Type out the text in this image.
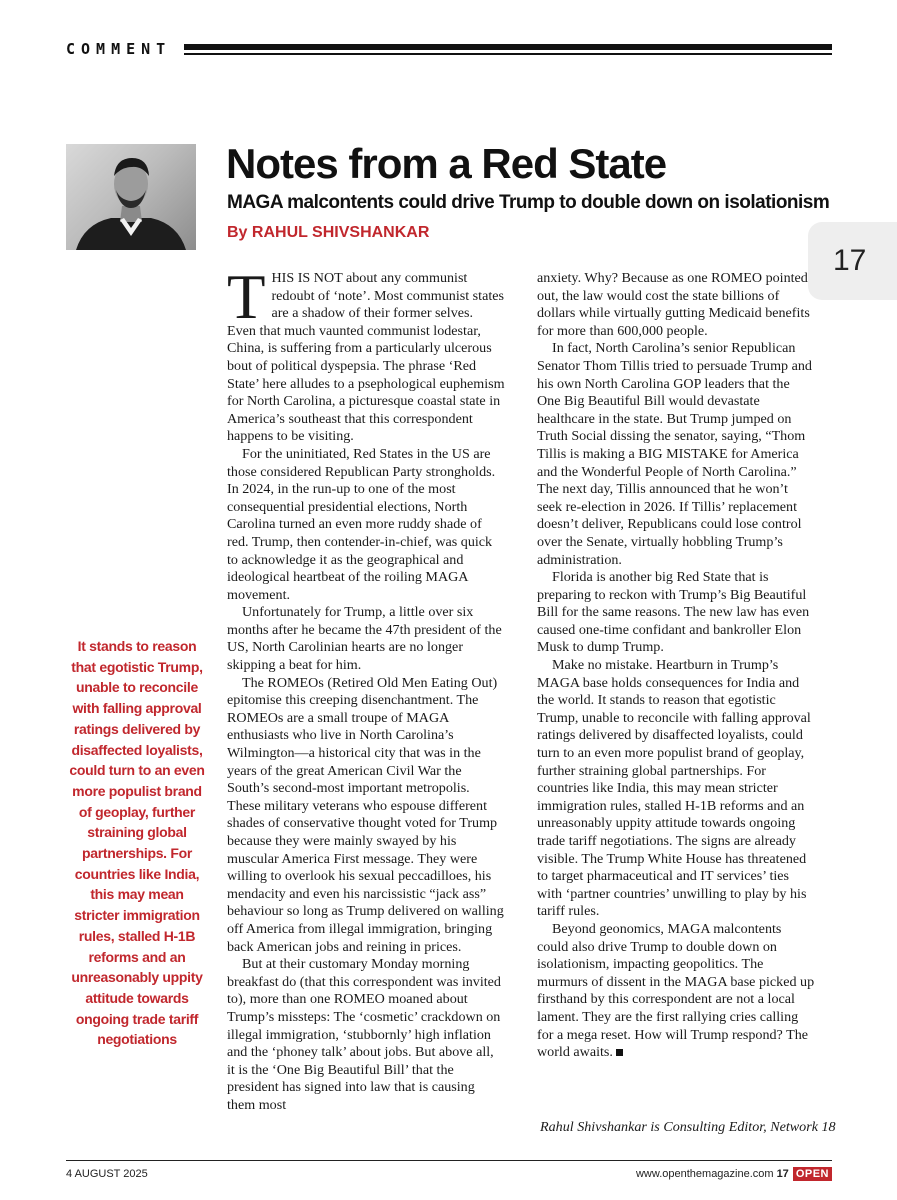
COMMENT
Notes from a Red State
MAGA malcontents could drive Trump to double down on isolationism

By RAHUL SHIVSHANKAR

17

It stands to reason that egotistic Trump, unable to reconcile with falling approval ratings delivered by disaffected loyalists, could turn to an even more populist brand of geoplay, further straining global partnerships. For countries like India, this may mean stricter immigration rules, stalled H-1B reforms and an unreasonably uppity attitude towards ongoing trade tariff negotiations

THIS IS NOT about any communist redoubt of ‘note’. Most communist states are a shadow of their former selves. Even that much vaunted communist lodestar, China, is suffering from a particularly ulcerous bout of political dyspepsia. The phrase ‘Red State’ here alludes to a psephological euphemism for North Carolina, a picturesque coastal state in America’s southeast that this correspondent happens to be visiting.

For the uninitiated, Red States in the US are those considered Republican Party strongholds. In 2024, in the run-up to one of the most consequential presidential elections, North Carolina turned an even more ruddy shade of red. Trump, then contender-in-chief, was quick to acknowledge it as the geographical and ideological heartbeat of the roiling MAGA movement.

Unfortunately for Trump, a little over six months after he became the 47th president of the US, North Carolinian hearts are no longer skipping a beat for him.

The ROMEOs (Retired Old Men Eating Out) epitomise this creeping disenchantment. The ROMEOs are a small troupe of MAGA enthusiasts who live in North Carolina’s Wilmington—a historical city that was in the years of the great American Civil War the South’s second-most important metropolis. These military veterans who espouse different shades of conservative thought voted for Trump because they were mainly swayed by his muscular America First message. They were willing to overlook his sexual peccadilloes, his mendacity and even his narcissistic “jack ass” behaviour so long as Trump delivered on walling off America from illegal immigration, bringing back American jobs and reining in prices.

But at their customary Monday morning breakfast do (that this correspondent was invited to), more than one ROMEO moaned about Trump’s missteps: The ‘cosmetic’ crackdown on illegal immigration, ‘stubbornly’ high inflation and the ‘phoney talk’ about jobs. But above all, it is the ‘One Big Beautiful Bill’ that the president has signed into law that is causing them most

anxiety. Why? Because as one ROMEO pointed out, the law would cost the state billions of dollars while virtually gutting Medicaid benefits for more than 600,000 people.

In fact, North Carolina’s senior Republican Senator Thom Tillis tried to persuade Trump and his own North Carolina GOP leaders that the One Big Beautiful Bill would devastate healthcare in the state. But Trump jumped on Truth Social dissing the senator, saying, “Thom Tillis is making a BIG MISTAKE for America and the Wonderful People of North Carolina.” The next day, Tillis announced that he won’t seek re-election in 2026. If Tillis’ replacement doesn’t deliver, Republicans could lose control over the Senate, virtually hobbling Trump’s administration.

Florida is another big Red State that is preparing to reckon with Trump’s Big Beautiful Bill for the same reasons. The new law has even caused one-time confidant and bankroller Elon Musk to dump Trump.

Make no mistake. Heartburn in Trump’s MAGA base holds consequences for India and the world. It stands to reason that egotistic Trump, unable to reconcile with falling approval ratings delivered by disaffected loyalists, could turn to an even more populist brand of geoplay, further straining global partnerships. For countries like India, this may mean stricter immigration rules, stalled H-1B reforms and an unreasonably uppity attitude towards ongoing trade tariff negotiations. The signs are already visible. The Trump White House has threatened to target pharmaceutical and IT services’ ties with ‘partner countries’ unwilling to play by his tariff rules.

Beyond geonomics, MAGA malcontents could also drive Trump to double down on isolationism, impacting geopolitics. The murmurs of dissent in the MAGA base picked up firsthand by this correspondent are not a local lament. They are the first rallying cries calling for a mega reset. How will Trump respond? The world awaits.

Rahul Shivshankar is Consulting Editor, Network 18

4 AUGUST 2025	www.openthemagazine.com 17 OPEN
